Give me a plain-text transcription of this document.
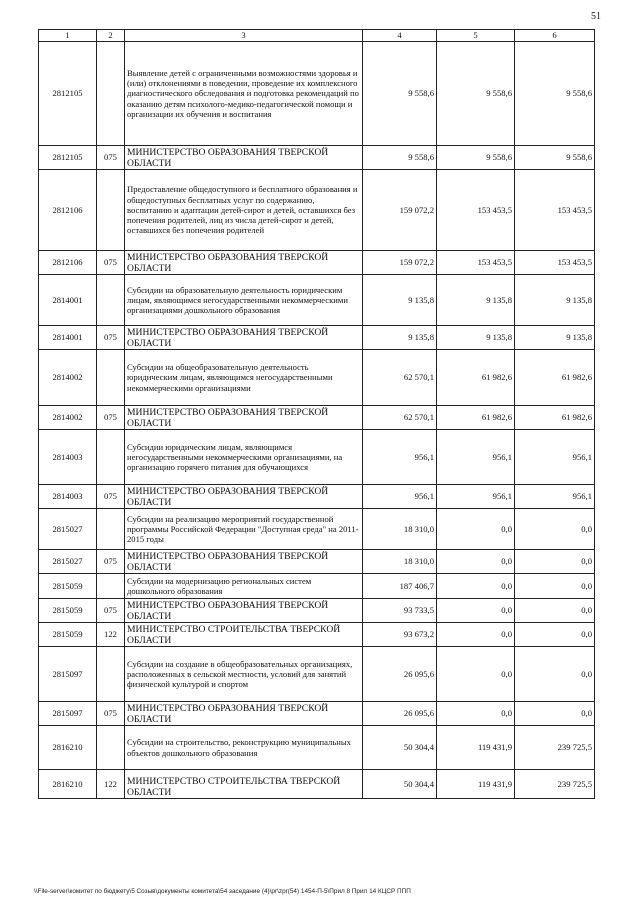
51
1	2	3	4	5	6
2812105		Выявление детей с ограниченными возможностями здоровья и (или) отклонениями в поведении, проведение их комплексного диагностического обследования и подготовка рекомендаций по оказанию детям психолого-медико-педагогической помощи и организации их обучения и воспитания	9 558,6	9 558,6	9 558,6
2812105	075	МИНИСТЕРСТВО ОБРАЗОВАНИЯ ТВЕРСКОЙ ОБЛАСТИ	9 558,6	9 558,6	9 558,6
2812106		Предоставление общедоступного и бесплатного образования и общедоступных бесплатных услуг по содержанию, воспитанию и адаптации детей-сирот и детей, оставшихся без попечения родителей, лиц из числа детей-сирот и детей, оставшихся без попечения родителей	159 072,2	153 453,5	153 453,5
2812106	075	МИНИСТЕРСТВО ОБРАЗОВАНИЯ ТВЕРСКОЙ ОБЛАСТИ	159 072,2	153 453,5	153 453,5
2814001		Субсидии на образовательную деятельность юридическим лицам, являющимся негосударственными некоммерческими организациями дошкольного образования	9 135,8	9 135,8	9 135,8
2814001	075	МИНИСТЕРСТВО ОБРАЗОВАНИЯ ТВЕРСКОЙ ОБЛАСТИ	9 135,8	9 135,8	9 135,8
2814002		Субсидии на общеобразовательную деятельность юридическим лицам, являющимся негосударственными некоммерческими организациями	62 570,1	61 982,6	61 982,6
2814002	075	МИНИСТЕРСТВО ОБРАЗОВАНИЯ ТВЕРСКОЙ ОБЛАСТИ	62 570,1	61 982,6	61 982,6
2814003		Субсидии юридическим лицам, являющимся негосударственными некоммерческими организациями, на организацию горячего питания для обучающихся	956,1	956,1	956,1
2814003	075	МИНИСТЕРСТВО ОБРАЗОВАНИЯ ТВЕРСКОЙ ОБЛАСТИ	956,1	956,1	956,1
2815027		Субсидии на реализацию мероприятий государственной программы Российской Федерации "Доступная среда" на 2011-2015 годы	18 310,0	0,0	0,0
2815027	075	МИНИСТЕРСТВО ОБРАЗОВАНИЯ ТВЕРСКОЙ ОБЛАСТИ	18 310,0	0,0	0,0
2815059		Субсидии на модернизацию региональных систем дошкольного образования	187 406,7	0,0	0,0
2815059	075	МИНИСТЕРСТВО ОБРАЗОВАНИЯ ТВЕРСКОЙ ОБЛАСТИ	93 733,5	0,0	0,0
2815059	122	МИНИСТЕРСТВО СТРОИТЕЛЬСТВА ТВЕРСКОЙ ОБЛАСТИ	93 673,2	0,0	0,0
2815097		Субсидии на создание в общеобразовательных организациях, расположенных в сельской местности, условий для занятий физической культурой и спортом	26 095,6	0,0	0,0
2815097	075	МИНИСТЕРСТВО ОБРАЗОВАНИЯ ТВЕРСКОЙ ОБЛАСТИ	26 095,6	0,0	0,0
2816210		Субсидии на строительство, реконструкцию муниципальных объектов дошкольного образования	50 304,4	119 431,9	239 725,5
2816210	122	МИНИСТЕРСТВО СТРОИТЕЛЬСТВА ТВЕРСКОЙ ОБЛАСТИ	50 304,4	119 431,9	239 725,5
\\File-server\комитет по бюджету\5 Созыв\документы комитета\54 заседание (4)\pr\zpr(54) 1454-П-5\Прил 8 Прил 14 КЦСР ППП
